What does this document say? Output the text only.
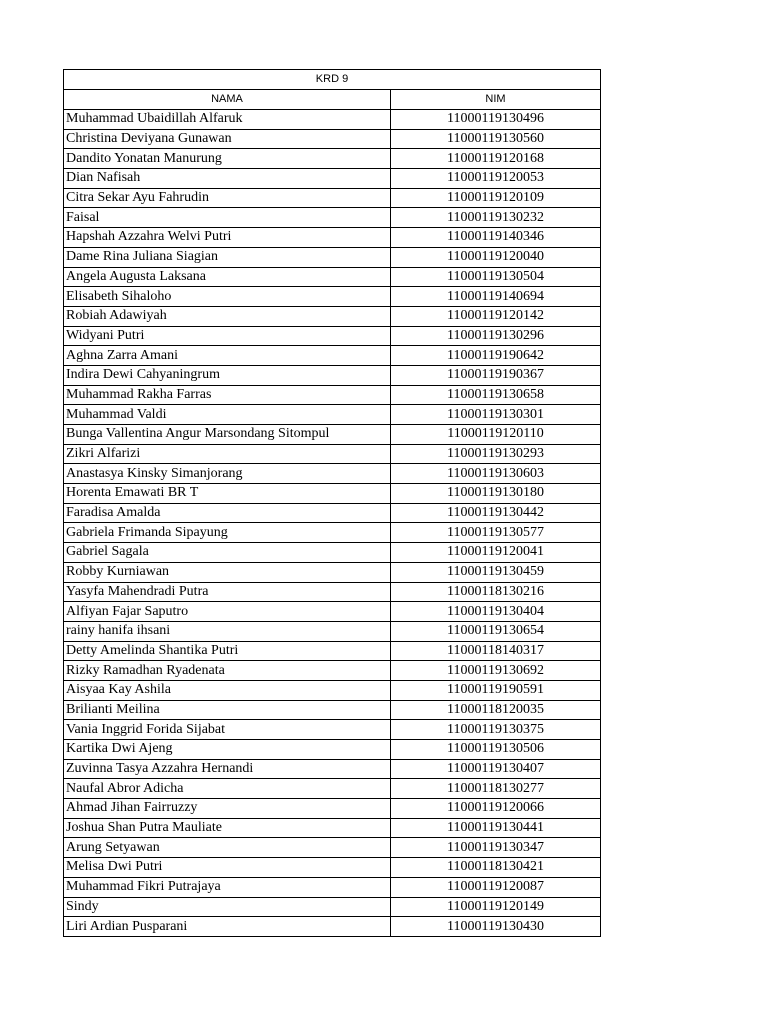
KRD 9	
NAMA	NIM
Muhammad Ubaidillah Alfaruk	11000119130496
Christina Deviyana Gunawan	11000119130560
Dandito Yonatan Manurung	11000119120168
Dian Nafisah	11000119120053
Citra Sekar Ayu Fahrudin	11000119120109
Faisal	11000119130232
Hapshah Azzahra Welvi Putri	11000119140346
Dame Rina Juliana Siagian	11000119120040
Angela Augusta Laksana	11000119130504
Elisabeth Sihaloho	11000119140694
Robiah Adawiyah	11000119120142
Widyani Putri	11000119130296
Aghna Zarra Amani	11000119190642
Indira Dewi Cahyaningrum	11000119190367
Muhammad Rakha Farras	11000119130658
Muhammad Valdi	11000119130301
Bunga Vallentina Angur Marsondang Sitompul	11000119120110
Zikri Alfarizi	11000119130293
Anastasya Kinsky Simanjorang	11000119130603
Horenta Emawati BR T	11000119130180
Faradisa Amalda	11000119130442
Gabriela Frimanda Sipayung	11000119130577
Gabriel Sagala	11000119120041
Robby Kurniawan	11000119130459
Yasyfa Mahendradi Putra	11000118130216
Alfiyan Fajar Saputro	11000119130404
rainy hanifa ihsani	11000119130654
Detty Amelinda Shantika Putri	11000118140317
Rizky Ramadhan Ryadenata	11000119130692
Aisyaa Kay Ashila	11000119190591
Brilianti Meilina	11000118120035
Vania Inggrid Forida Sijabat	11000119130375
Kartika Dwi Ajeng	11000119130506
Zuvinna Tasya Azzahra Hernandi	11000119130407
Naufal Abror Adicha	11000118130277
Ahmad Jihan Fairruzzy	11000119120066
Joshua Shan Putra Mauliate	11000119130441
Arung Setyawan	11000119130347
Melisa Dwi Putri	11000118130421
Muhammad Fikri Putrajaya	11000119120087
Sindy	11000119120149
Liri Ardian Pusparani	11000119130430
